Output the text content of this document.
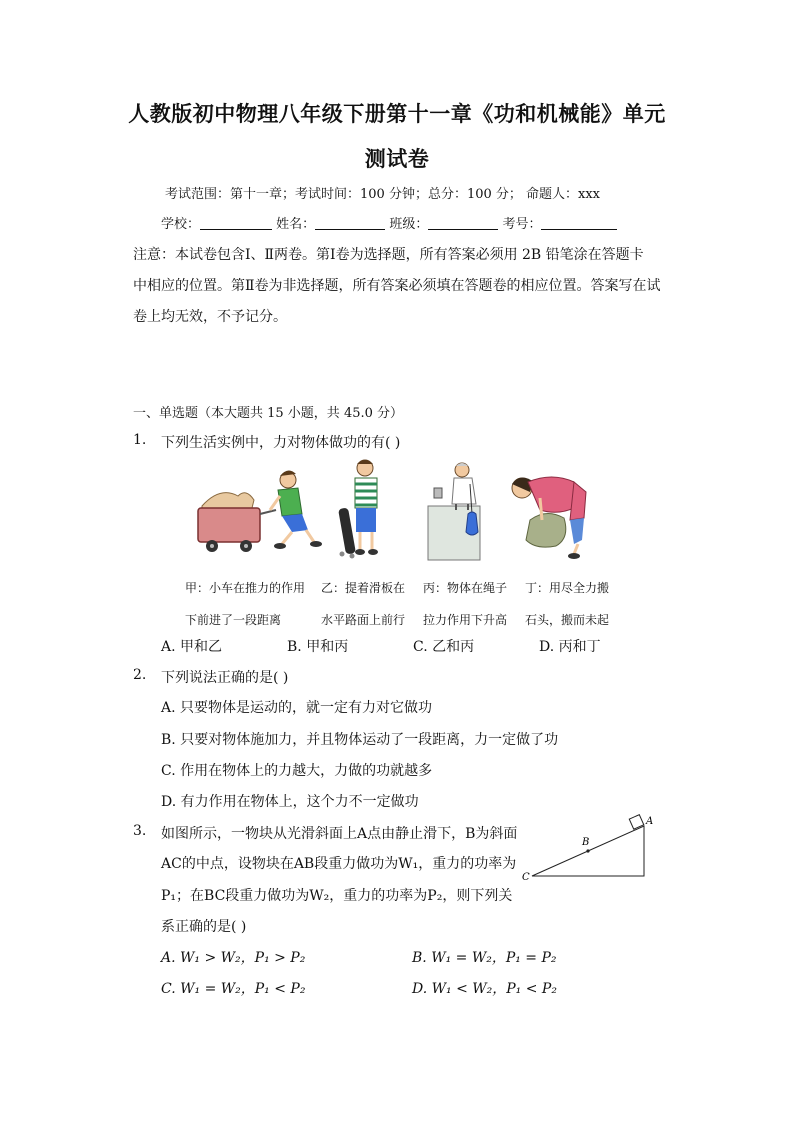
人教版初中物理八年级下册第十一章《功和机械能》单元
测试卷
考试范围：第十一章；考试时间：100 分钟；总分：100 分； 命题人：xxx
学校：	姓名：	班级：	考号：
注意：本试卷包含Ⅰ、Ⅱ两卷。第Ⅰ卷为选择题，所有答案必须用 2B 铅笔涂在答题卡
中相应的位置。第Ⅱ卷为非选择题，所有答案必须填在答题卷的相应位置。答案写在试
卷上均无效，不予记分。
一、单选题（本大题共 15 小题，共 45.0 分）
1. 下列生活实例中，力对物体做功的有( )
甲：小车在推力的作用
下前进了一段距离
乙：提着滑板在
水平路面上前行
丙：物体在绳子
拉力作用下升高
丁：用尽全力搬
石头，搬而未起
A. 甲和乙	B. 甲和丙	C. 乙和丙	D. 丙和丁
2. 下列说法正确的是( )
A. 只要物体是运动的，就一定有力对它做功
B. 只要对物体施加力，并且物体运动了一段距离，力一定做了功
C. 作用在物体上的力越大，力做的功就越多
D. 有力作用在物体上，这个力不一定做功
3. 如图所示，一物块从光滑斜面上A点由静止滑下，B为斜面
AC的中点，设物块在AB段重力做功为W₁，重力的功率为
P₁；在BC段重力做功为W₂，重力的功率为P₂，则下列关
系正确的是( )
A
B
C
A. W₁ > W₂，P₁ > P₂	B. W₁ = W₂，P₁ = P₂
C. W₁ = W₂，P₁ < P₂	D. W₁ < W₂，P₁ < P₂
